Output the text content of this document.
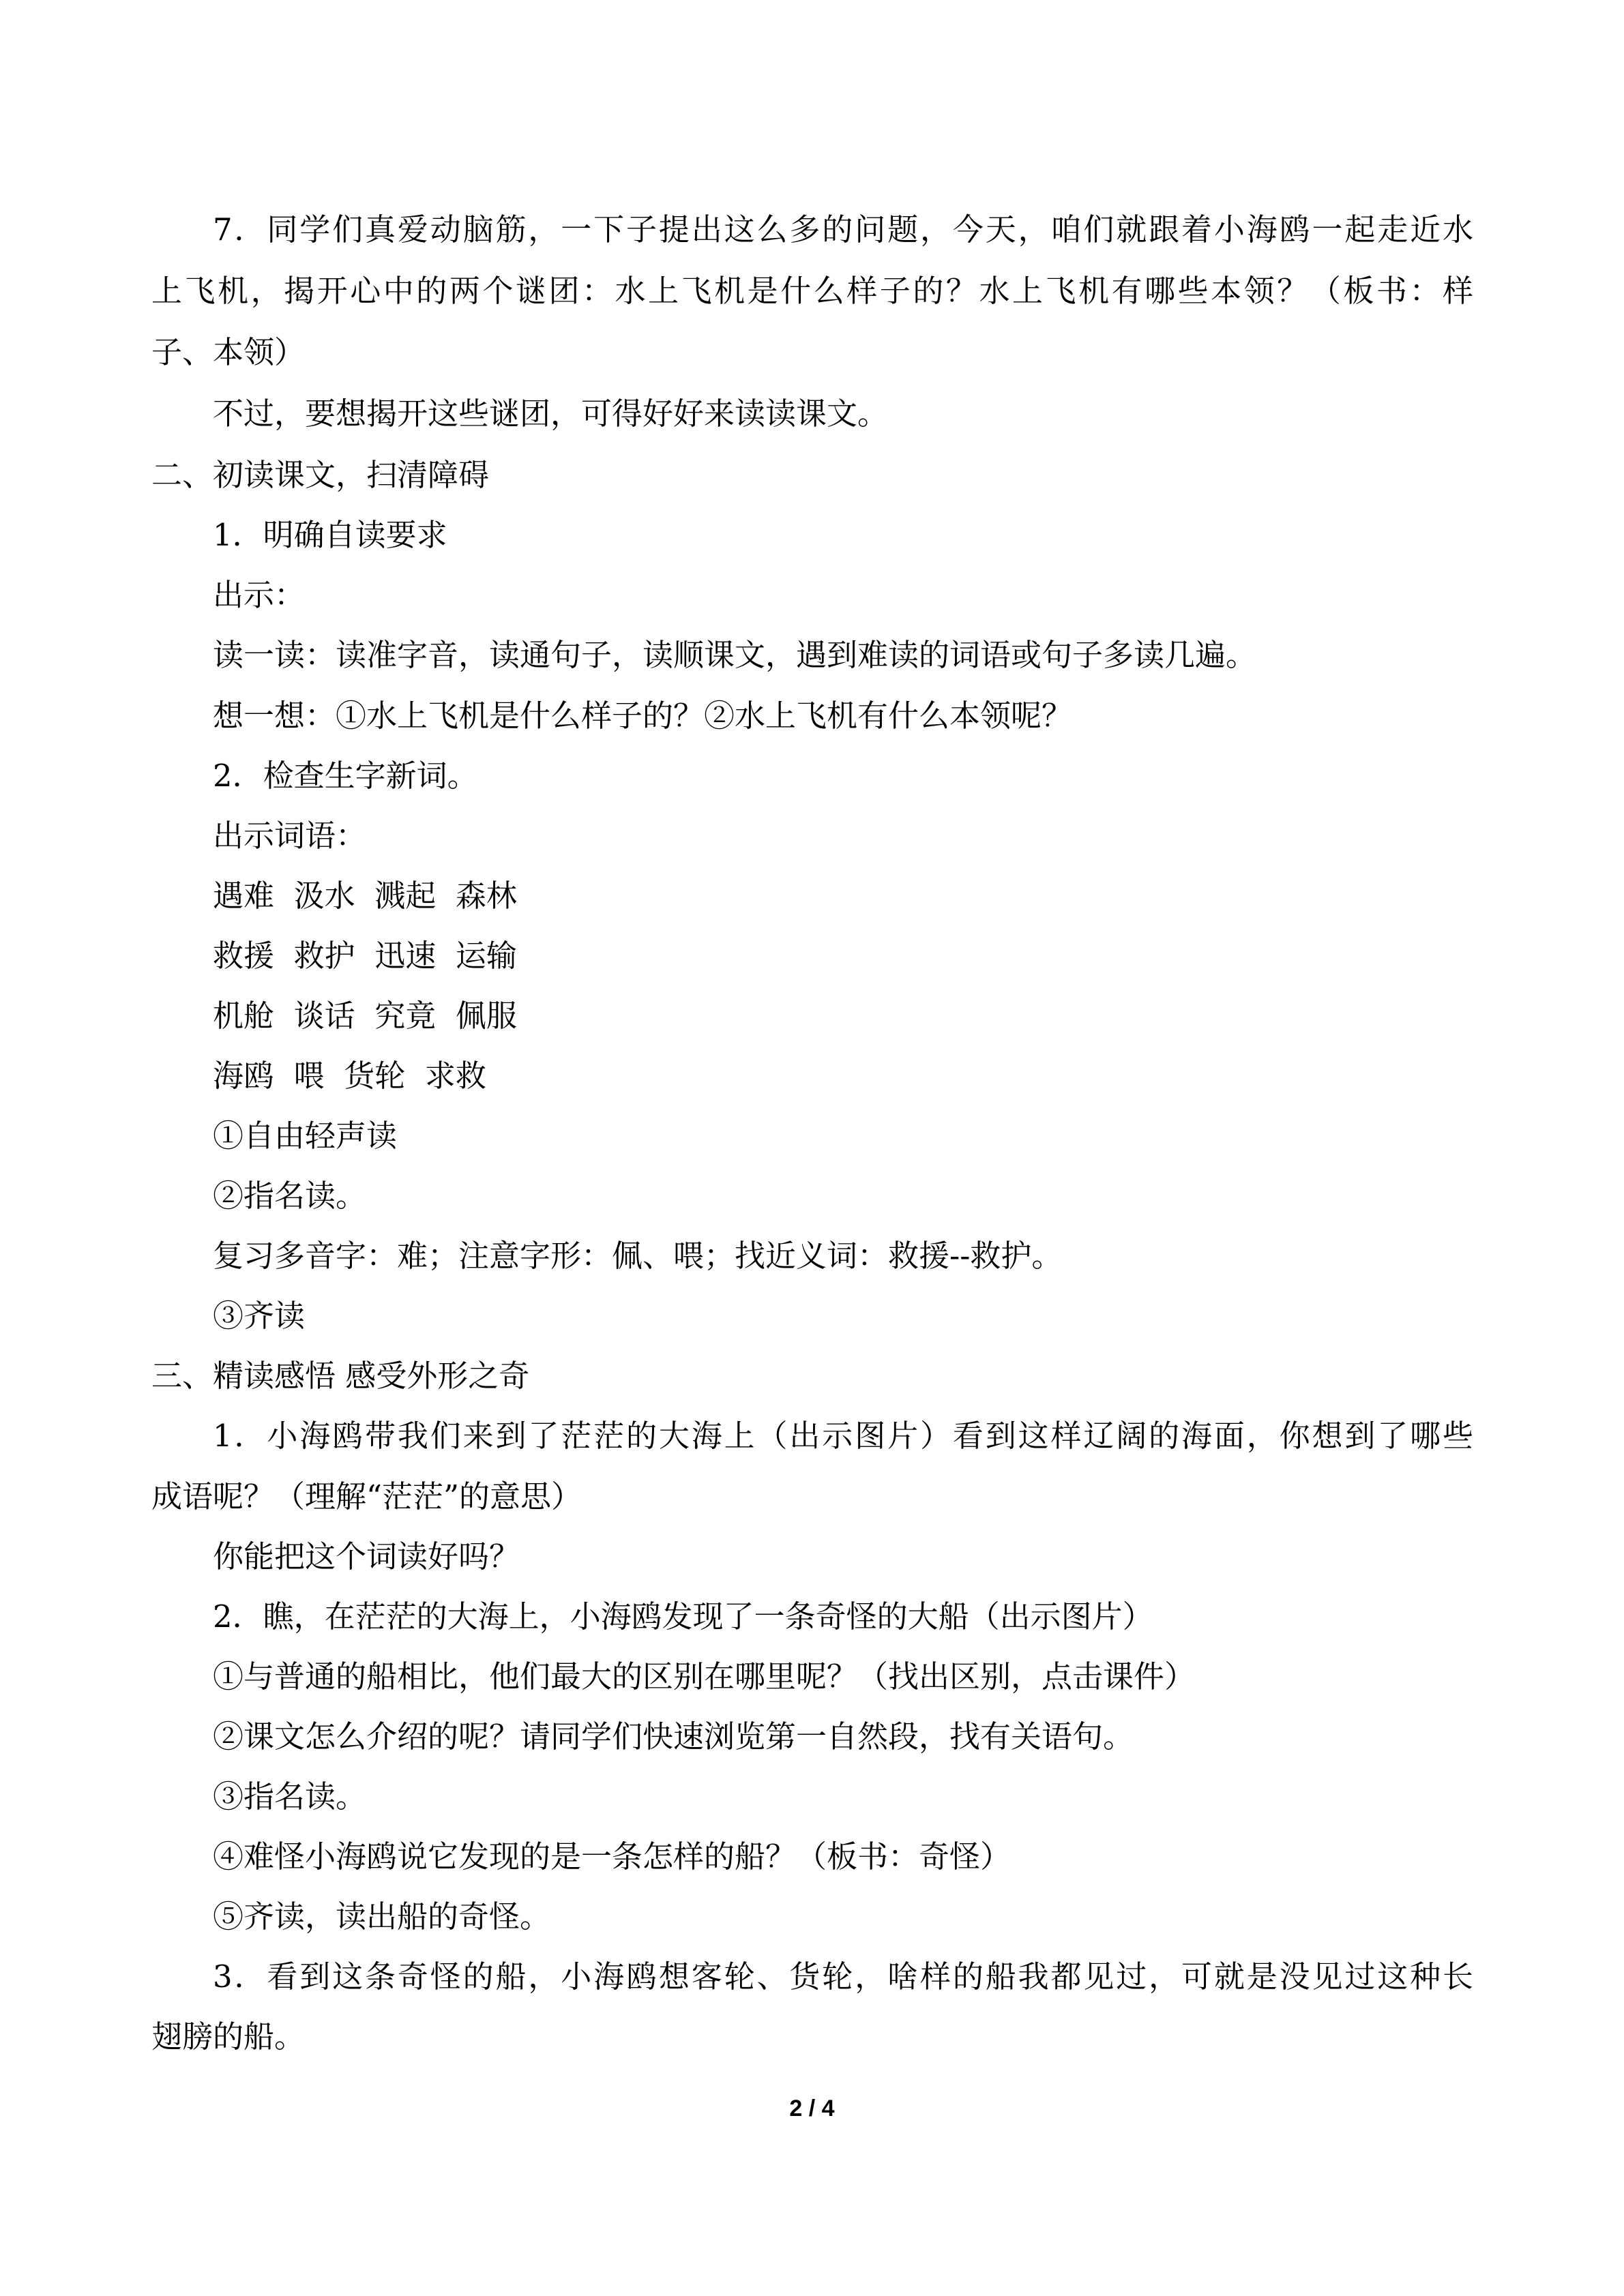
7．同学们真爱动脑筋，一下子提出这么多的问题，今天，咱们就跟着小海鸥一起走近水
上飞机，揭开心中的两个谜团：水上飞机是什么样子的？水上飞机有哪些本领？（板书：样
子、本领）
不过，要想揭开这些谜团，可得好好来读读课文。
二、初读课文，扫清障碍
1．明确自读要求
出示：
读一读：读准字音，读通句子，读顺课文，遇到难读的词语或句子多读几遍。
想一想：①水上飞机是什么样子的？②水上飞机有什么本领呢？
2．检查生字新词。
出示词语：
遇难  汲水  溅起  森林
救援  救护  迅速  运输
机舱  谈话  究竟  佩服
海鸥  喂  货轮  求救
①自由轻声读
②指名读。
复习多音字：难；注意字形：佩、喂；找近义词：救援--救护。
③齐读
三、精读感悟 感受外形之奇
1．小海鸥带我们来到了茫茫的大海上（出示图片）看到这样辽阔的海面，你想到了哪些
成语呢？（理解“茫茫”的意思）
你能把这个词读好吗？
2．瞧，在茫茫的大海上，小海鸥发现了一条奇怪的大船（出示图片）
①与普通的船相比，他们最大的区别在哪里呢？（找出区别，点击课件）
②课文怎么介绍的呢？请同学们快速浏览第一自然段，找有关语句。
③指名读。
④难怪小海鸥说它发现的是一条怎样的船？（板书：奇怪）
⑤齐读，读出船的奇怪。
3．看到这条奇怪的船，小海鸥想客轮、货轮，啥样的船我都见过，可就是没见过这种长
翅膀的船。
2 / 4
